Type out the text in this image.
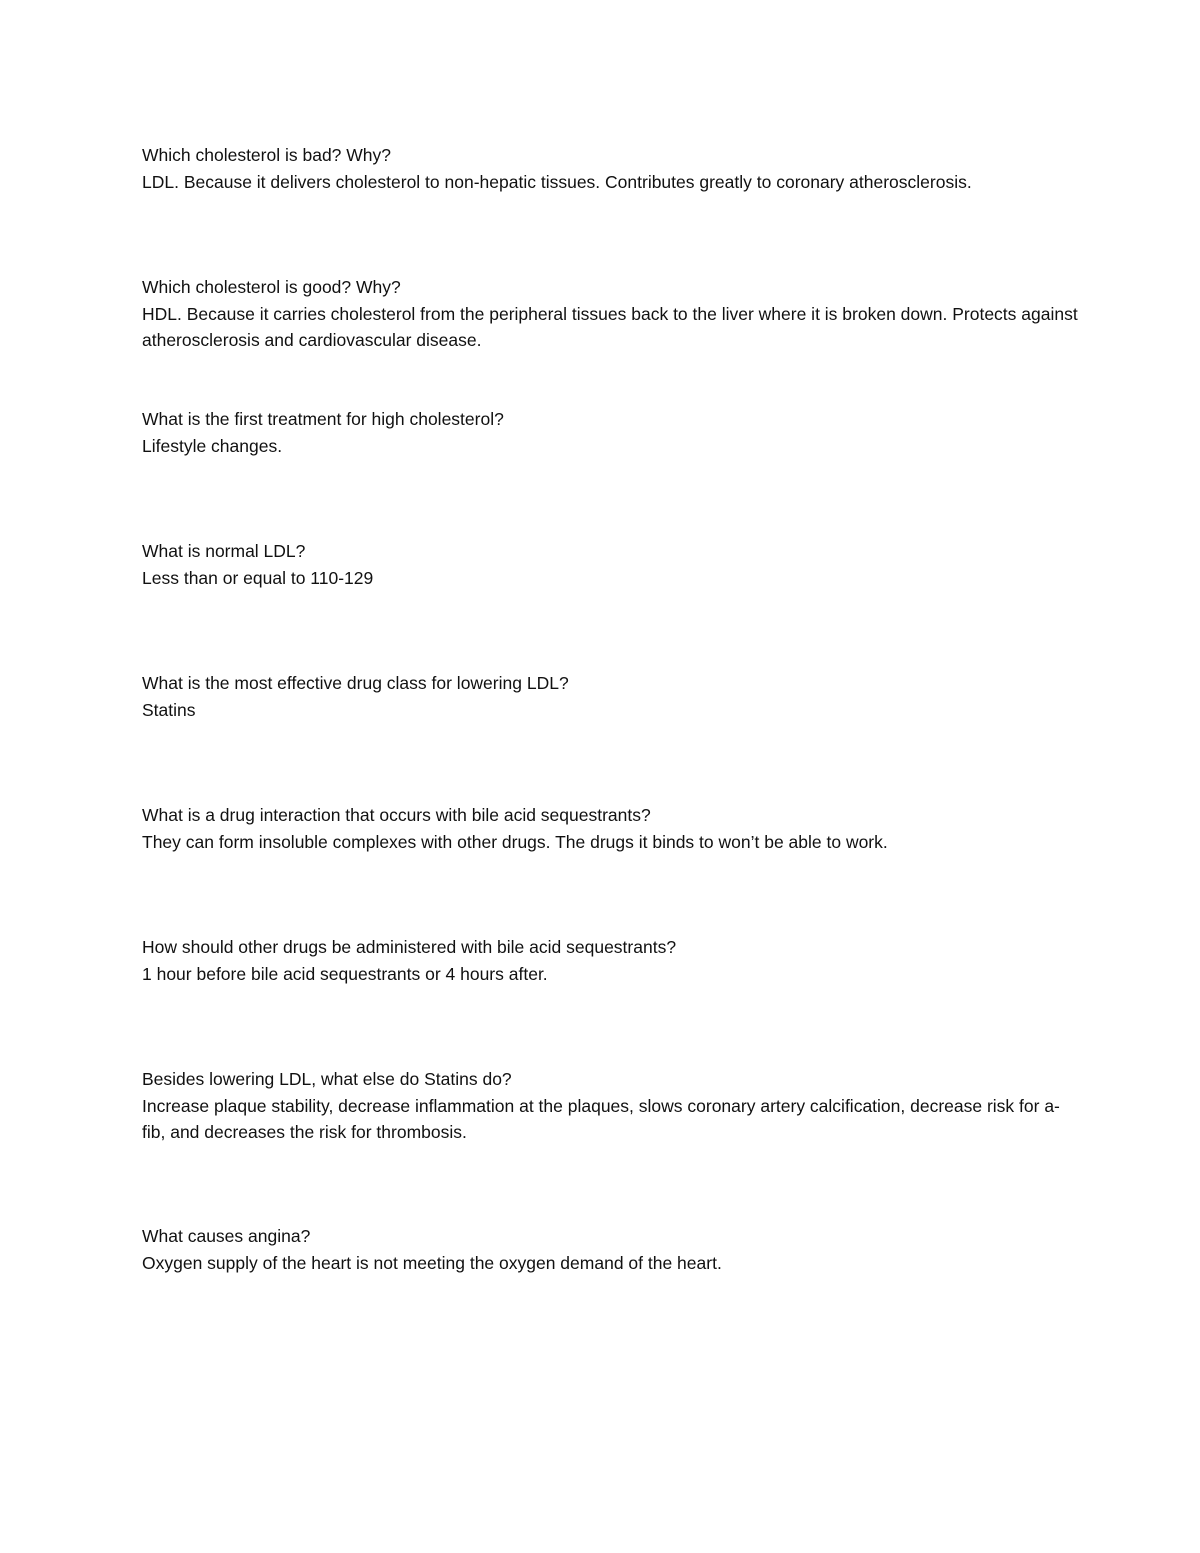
Which cholesterol is bad? Why?

LDL. Because it delivers cholesterol to non-hepatic tissues. Contributes greatly to coronary atherosclerosis.

Which cholesterol is good? Why?

HDL. Because it carries cholesterol from the peripheral tissues back to the liver where it is broken down. Protects against atherosclerosis and cardiovascular disease.

What is the first treatment for high cholesterol?

Lifestyle changes.

What is normal LDL?

Less than or equal to 110-129

What is the most effective drug class for lowering LDL?

Statins

What is a drug interaction that occurs with bile acid sequestrants?

They can form insoluble complexes with other drugs. The drugs it binds to won’t be able to work.

How should other drugs be administered with bile acid sequestrants?

1 hour before bile acid sequestrants or 4 hours after.

Besides lowering LDL, what else do Statins do?

Increase plaque stability, decrease inflammation at the plaques, slows coronary artery calcification, decrease risk for a-fib, and decreases the risk for thrombosis.

What causes angina?

Oxygen supply of the heart is not meeting the oxygen demand of the heart.
